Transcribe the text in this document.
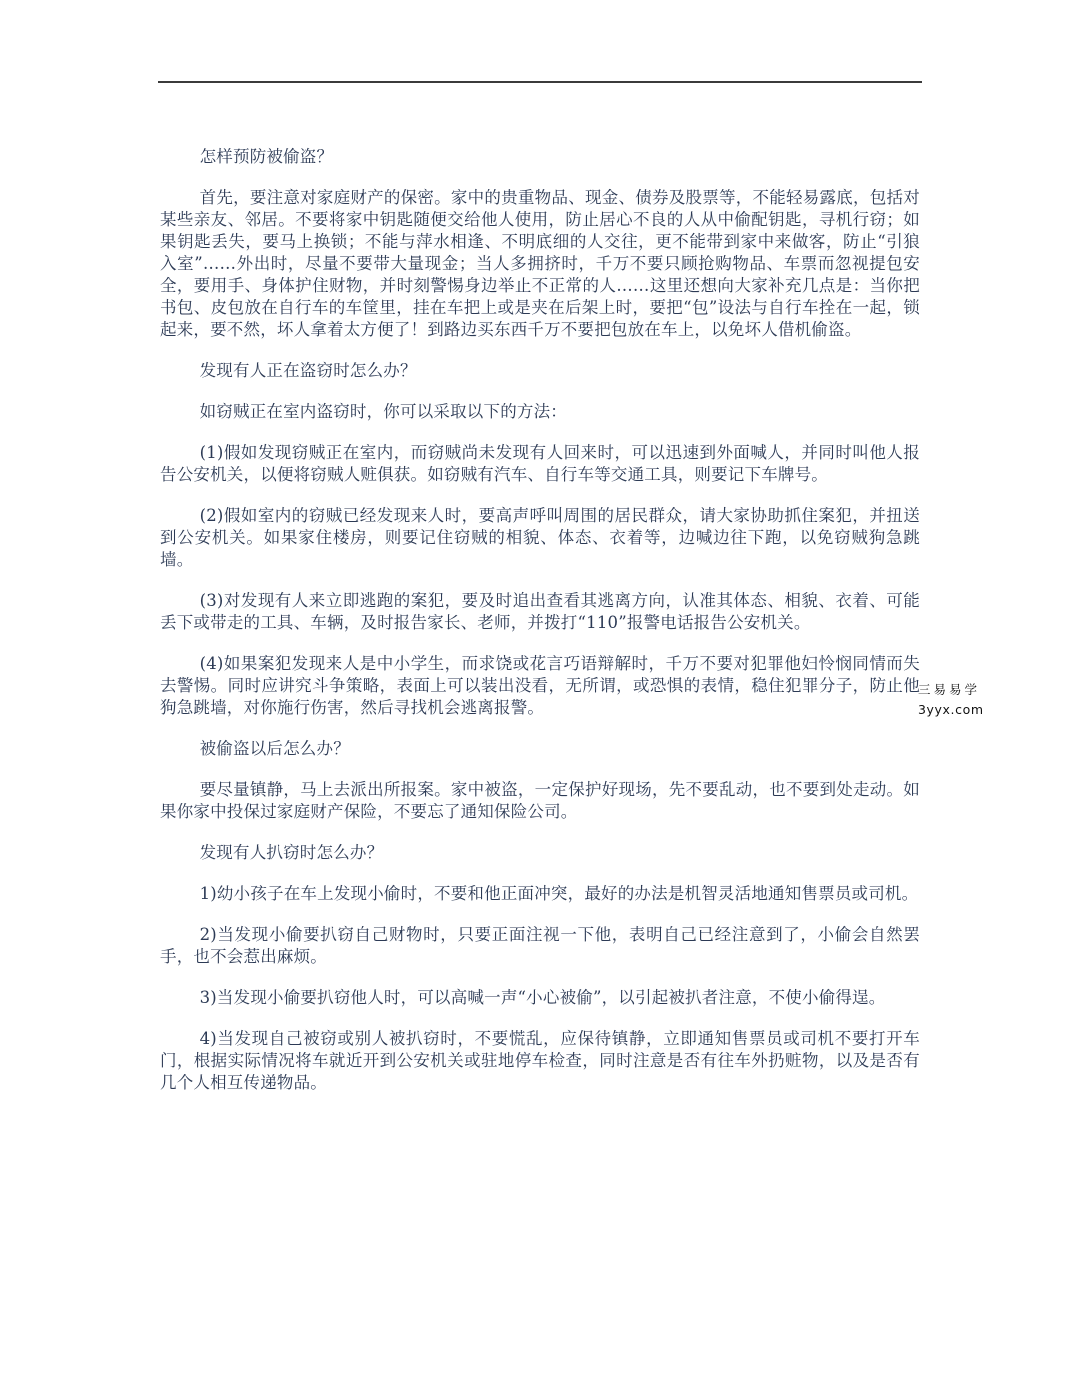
怎样预防被偷盗？

首先，要注意对家庭财产的保密。家中的贵重物品、现金、债券及股票等，不能轻易露底，包括对某些亲友、邻居。不要将家中钥匙随便交给他人使用，防止居心不良的人从中偷配钥匙，寻机行窃；如果钥匙丢失，要马上换锁；不能与萍水相逢、不明底细的人交往，更不能带到家中来做客，防止“引狼入室”……外出时，尽量不要带大量现金；当人多拥挤时，千万不要只顾抢购物品、车票而忽视提包安全，要用手、身体护住财物，并时刻警惕身边举止不正常的人……这里还想向大家补充几点是：当你把书包、皮包放在自行车的车筐里，挂在车把上或是夹在后架上时，要把“包”设法与自行车拴在一起，锁起来，要不然，坏人拿着太方便了！到路边买东西千万不要把包放在车上，以免坏人借机偷盗。

发现有人正在盗窃时怎么办？

如窃贼正在室内盗窃时，你可以采取以下的方法：

(1)假如发现窃贼正在室内，而窃贼尚未发现有人回来时，可以迅速到外面喊人，并同时叫他人报告公安机关，以便将窃贼人赃俱获。如窃贼有汽车、自行车等交通工具，则要记下车牌号。

(2)假如室内的窃贼已经发现来人时，要高声呼叫周围的居民群众，请大家协助抓住案犯，并扭送到公安机关。如果家住楼房，则要记住窃贼的相貌、体态、衣着等，边喊边往下跑，以免窃贼狗急跳墙。

(3)对发现有人来立即逃跑的案犯，要及时追出查看其逃离方向，认准其体态、相貌、衣着、可能丢下或带走的工具、车辆，及时报告家长、老师，并拨打“110”报警电话报告公安机关。

(4)如果案犯发现来人是中小学生，而求饶或花言巧语辩解时，千万不要对犯罪他妇怜悯同情而失去警惕。同时应讲究斗争策略，表面上可以装出没看，无所谓，或恐惧的表情，稳住犯罪分子，防止他狗急跳墙，对你施行伤害，然后寻找机会逃离报警。

被偷盗以后怎么办？

要尽量镇静，马上去派出所报案。家中被盗，一定保护好现场，先不要乱动，也不要到处走动。如果你家中投保过家庭财产保险，不要忘了通知保险公司。

发现有人扒窃时怎么办？

1)幼小孩子在车上发现小偷时，不要和他正面冲突，最好的办法是机智灵活地通知售票员或司机。

2)当发现小偷要扒窃自己财物时，只要正面注视一下他，表明自己已经注意到了，小偷会自然罢手，也不会惹出麻烦。

3)当发现小偷要扒窃他人时，可以高喊一声“小心被偷”，以引起被扒者注意，不使小偷得逞。

4)当发现自己被窃或别人被扒窃时，不要慌乱，应保待镇静，立即通知售票员或司机不要打开车门，根据实际情况将车就近开到公安机关或驻地停车检查，同时注意是否有往车外扔赃物，以及是否有几个人相互传递物品。

三易易学
3yyx.com
